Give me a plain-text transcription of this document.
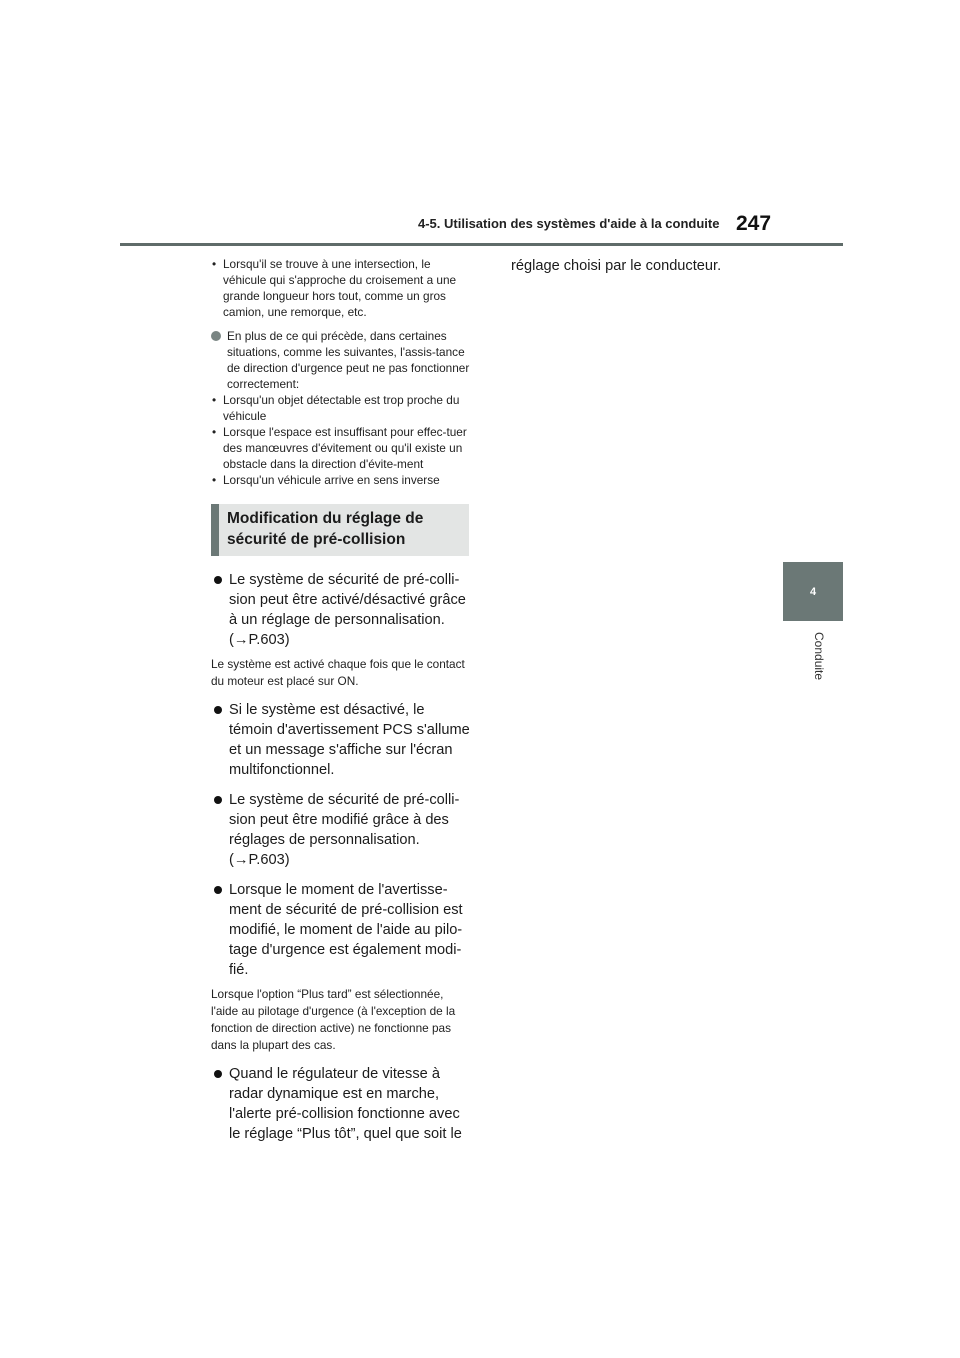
4-5. Utilisation des systèmes d'aide à la conduite 247
4
Conduite
• Lorsqu'il se trouve à une intersection, le véhicule qui s'approche du croisement a une grande longueur hors tout, comme un gros camion, une remorque, etc.
En plus de ce qui précède, dans certaines situations, comme les suivantes, l'assis-tance de direction d'urgence peut ne pas fonctionner correctement:
• Lorsqu'un objet détectable est trop proche du véhicule
• Lorsque l'espace est insuffisant pour effec-tuer des manœuvres d'évitement ou qu'il existe un obstacle dans la direction d'évite-ment
• Lorsqu'un véhicule arrive en sens inverse
Modification du réglage de
sécurité de pré-collision
Le système de sécurité de pré-colli-sion peut être activé/désactivé grâce à un réglage de personnalisation. (→P.603)
Le système est activé chaque fois que le contact du moteur est placé sur ON.
Si le système est désactivé, le témoin d'avertissement PCS s'allume et un message s'affiche sur l'écran multifonctionnel.
Le système de sécurité de pré-colli-sion peut être modifié grâce à des réglages de personnalisation. (→P.603)
Lorsque le moment de l'avertisse-ment de sécurité de pré-collision est modifié, le moment de l'aide au pilo-tage d'urgence est également modi-fié.
Lorsque l'option “Plus tard” est sélectionnée, l'aide au pilotage d'urgence (à l'exception de la fonction de direction active) ne fonctionne pas dans la plupart des cas.
Quand le régulateur de vitesse à radar dynamique est en marche, l'alerte pré-collision fonctionne avec le réglage “Plus tôt”, quel que soit le
réglage choisi par le conducteur.
